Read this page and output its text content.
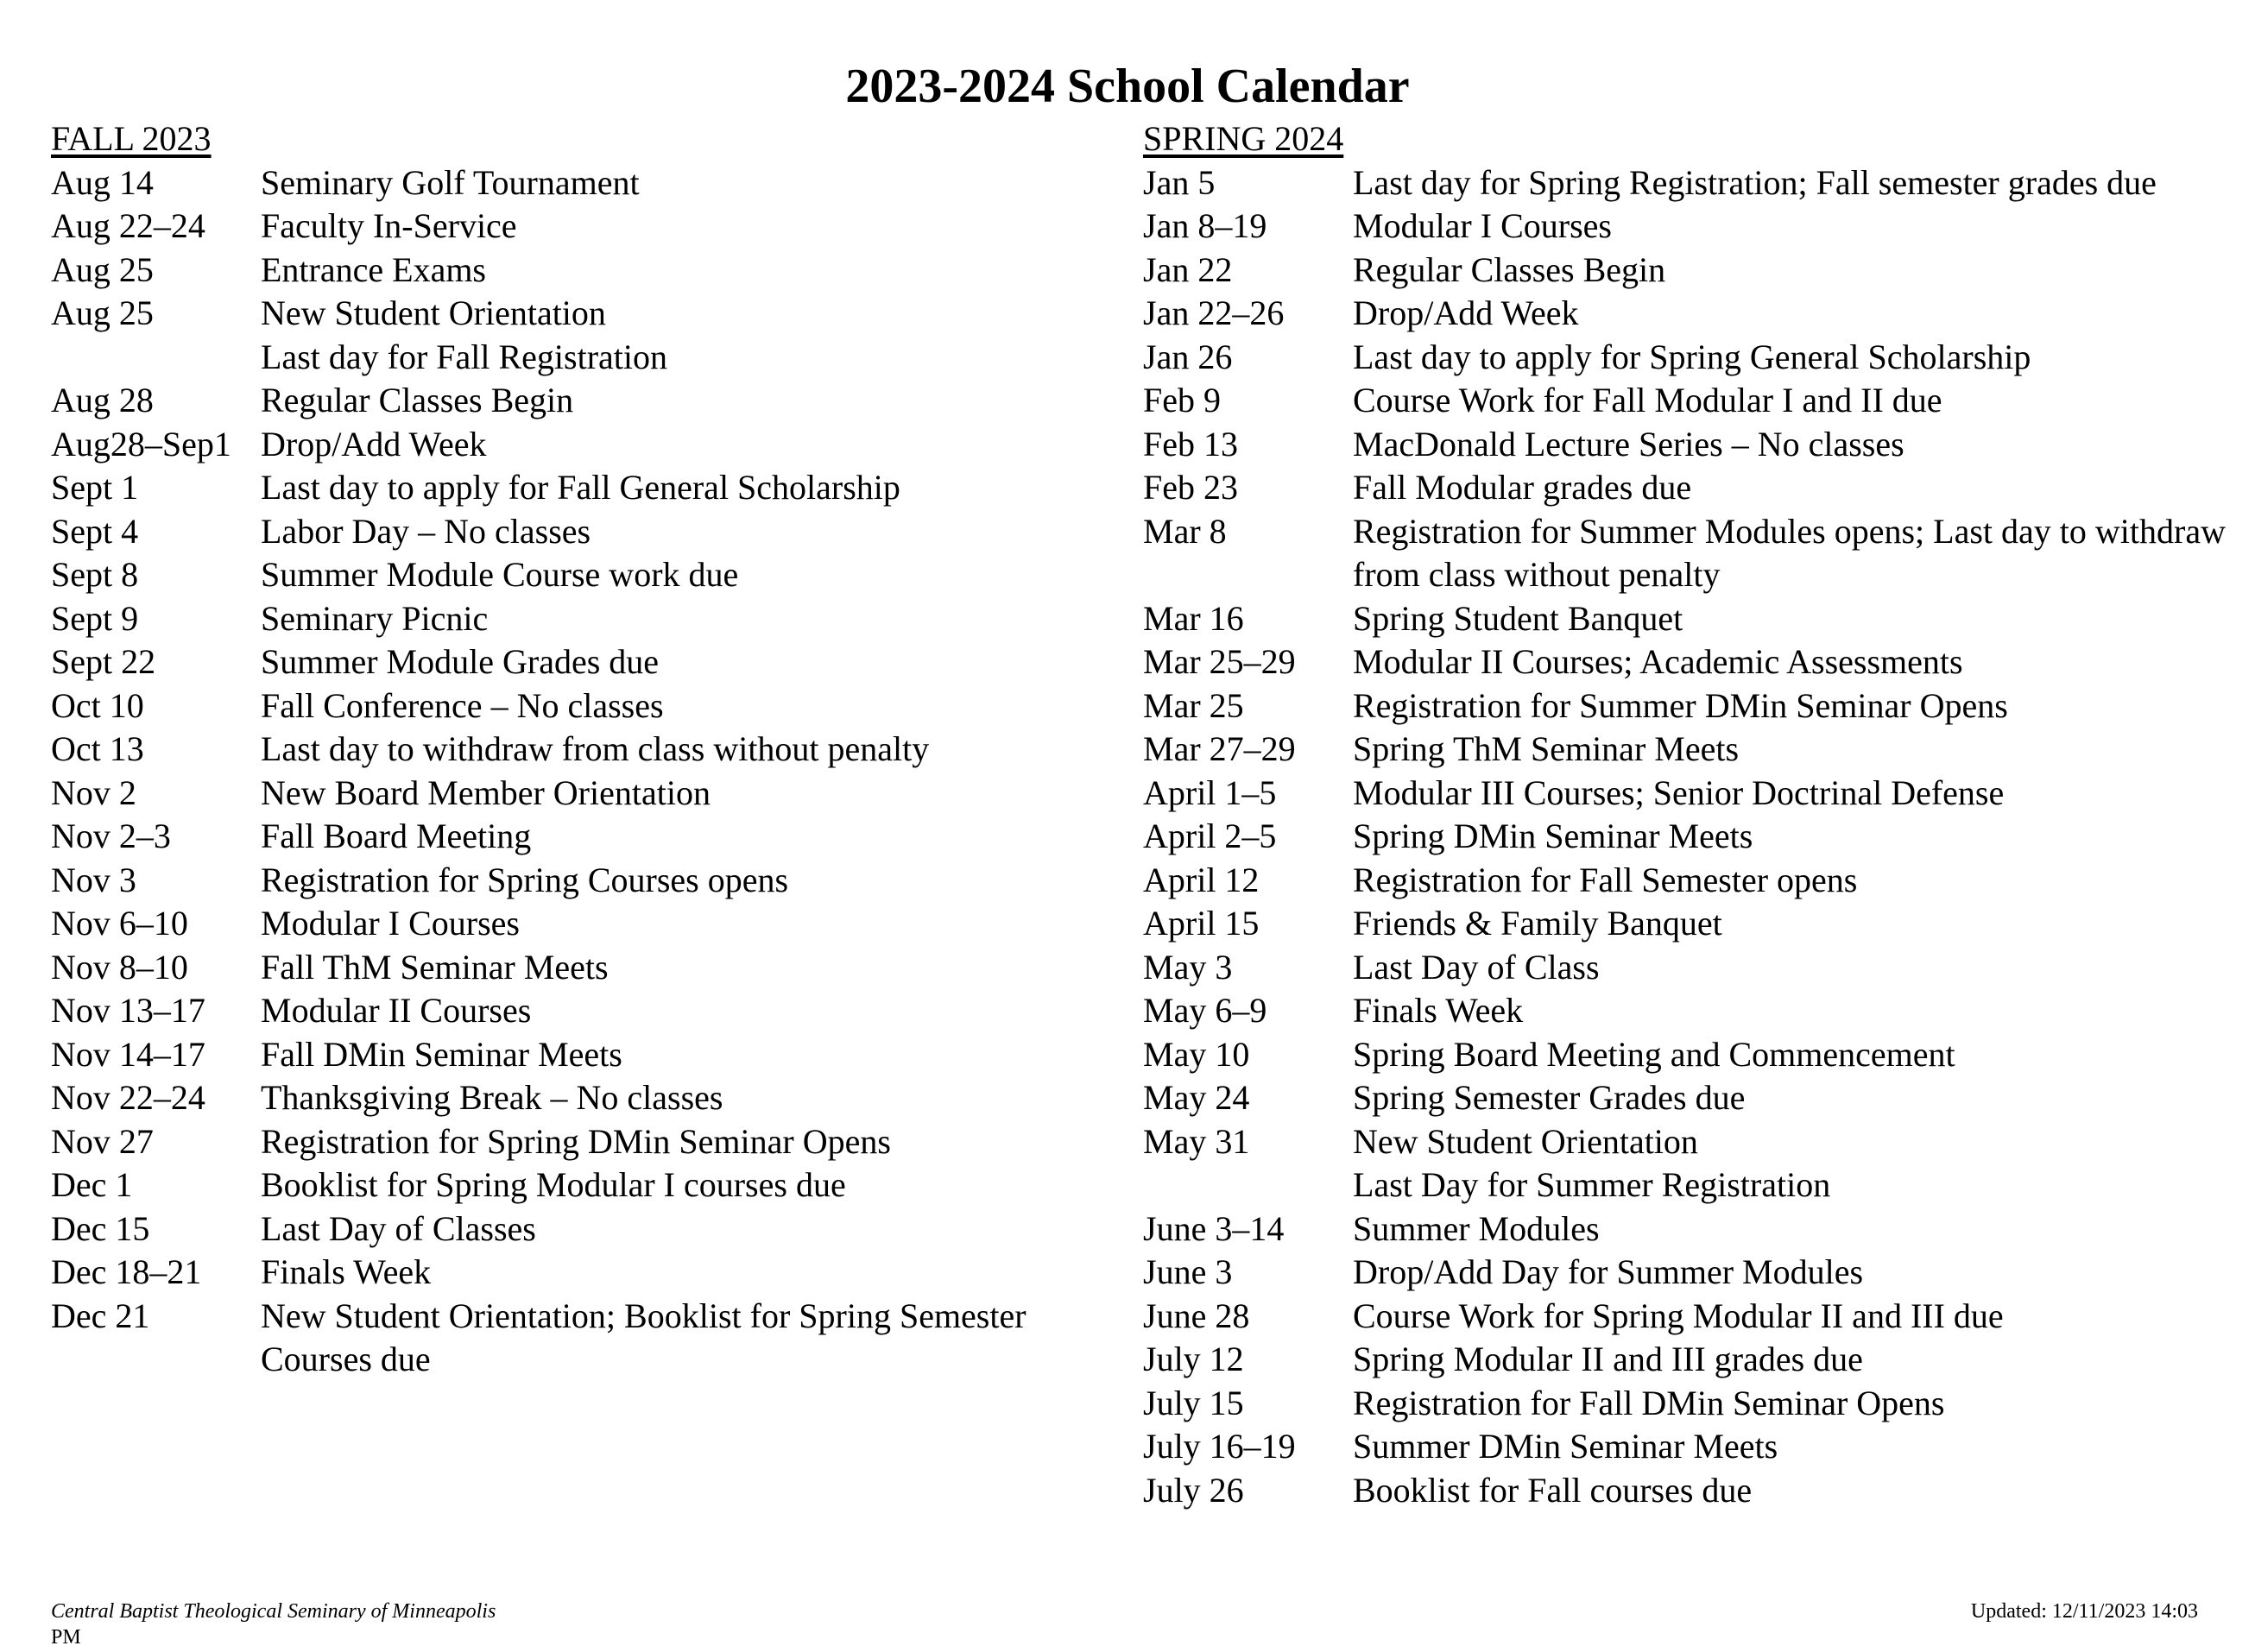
2023-2024 School Calendar
FALL 2023
Aug 14	Seminary Golf Tournament
Aug 22–24	Faculty In-Service
Aug 25	Entrance Exams
Aug 25	New Student Orientation
Last day for Fall Registration
Aug 28	Regular Classes Begin
Aug28–Sep1 Drop/Add Week
Sept 1	Last day to apply for Fall General Scholarship
Sept 4	Labor Day – No classes
Sept 8	Summer Module Course work due
Sept 9	Seminary Picnic
Sept 22	Summer Module Grades due
Oct 10	Fall Conference – No classes
Oct 13	Last day to withdraw from class without penalty
Nov 2	New Board Member Orientation
Nov 2–3	Fall Board Meeting
Nov 3	Registration for Spring Courses opens
Nov 6–10	Modular I Courses
Nov 8–10	Fall ThM Seminar Meets
Nov 13–17	Modular II Courses
Nov 14–17	Fall DMin Seminar Meets
Nov 22–24	Thanksgiving Break – No classes
Nov 27	Registration for Spring DMin Seminar Opens
Dec 1	Booklist for Spring Modular I courses due
Dec 15	Last Day of Classes
Dec 18–21	Finals Week
Dec 21	New Student Orientation; Booklist for Spring Semester Courses due
SPRING 2024
Jan 5	Last day for Spring Registration; Fall semester grades due
Jan 8–19	Modular I Courses
Jan 22	Regular Classes Begin
Jan 22–26	Drop/Add Week
Jan 26	Last day to apply for Spring General Scholarship
Feb 9	Course Work for Fall Modular I and II due
Feb 13	MacDonald Lecture Series – No classes
Feb 23	Fall Modular grades due
Mar 8	Registration for Summer Modules opens; Last day to withdraw from class without penalty
Mar 16	Spring Student Banquet
Mar 25–29	Modular II Courses; Academic Assessments
Mar 25	Registration for Summer DMin Seminar Opens
Mar 27–29	Spring ThM Seminar Meets
April 1–5	Modular III Courses; Senior Doctrinal Defense
April 2–5	Spring DMin Seminar Meets
April 12	Registration for Fall Semester opens
April 15	Friends & Family Banquet
May 3	Last Day of Class
May 6–9	Finals Week
May 10	Spring Board Meeting and Commencement
May 24	Spring Semester Grades due
May 31	New Student Orientation
Last Day for Summer Registration
June 3–14	Summer Modules
June 3	Drop/Add Day for Summer Modules
June 28	Course Work for Spring Modular II and III due
July 12	Spring Modular II and III grades due
July 15	Registration for Fall DMin Seminar Opens
July 16–19	Summer DMin Seminar Meets
July 26	Booklist for Fall courses due
Central Baptist Theological Seminary of Minneapolis
PM
Updated: 12/11/2023 14:03
